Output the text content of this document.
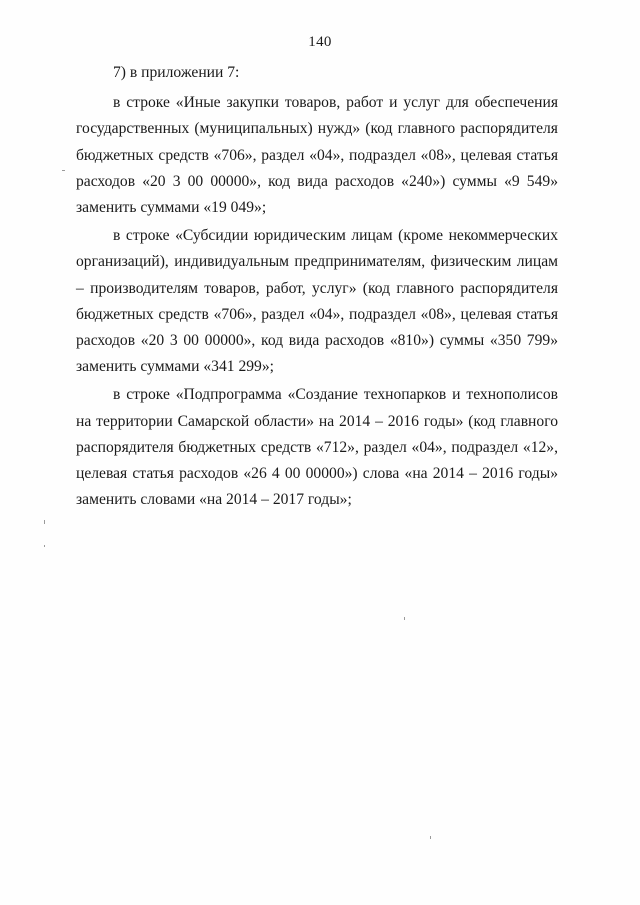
140

7) в приложении 7:

в строке «Иные закупки товаров, работ и услуг для обеспечения государственных (муниципальных) нужд» (код главного распорядителя бюджетных средств «706», раздел «04», подраздел «08», целевая статья расходов «20 3 00 00000», код вида расходов «240») суммы «9 549» заменить суммами «19 049»;

в строке «Субсидии юридическим лицам (кроме некоммерческих организаций), индивидуальным предпринимателям, физическим лицам – производителям товаров, работ, услуг» (код главного распорядителя бюджетных средств «706», раздел «04», подраздел «08», целевая статья расходов «20 3 00 00000», код вида расходов «810») суммы «350 799» заменить суммами «341 299»;

в строке «Подпрограмма «Создание технопарков и технополисов на территории Самарской области» на 2014 – 2016 годы» (код главного распорядителя бюджетных средств «712», раздел «04», подраздел «12», целевая статья расходов «26 4 00 00000») слова «на 2014 – 2016 годы» заменить словами «на 2014 – 2017 годы»;
